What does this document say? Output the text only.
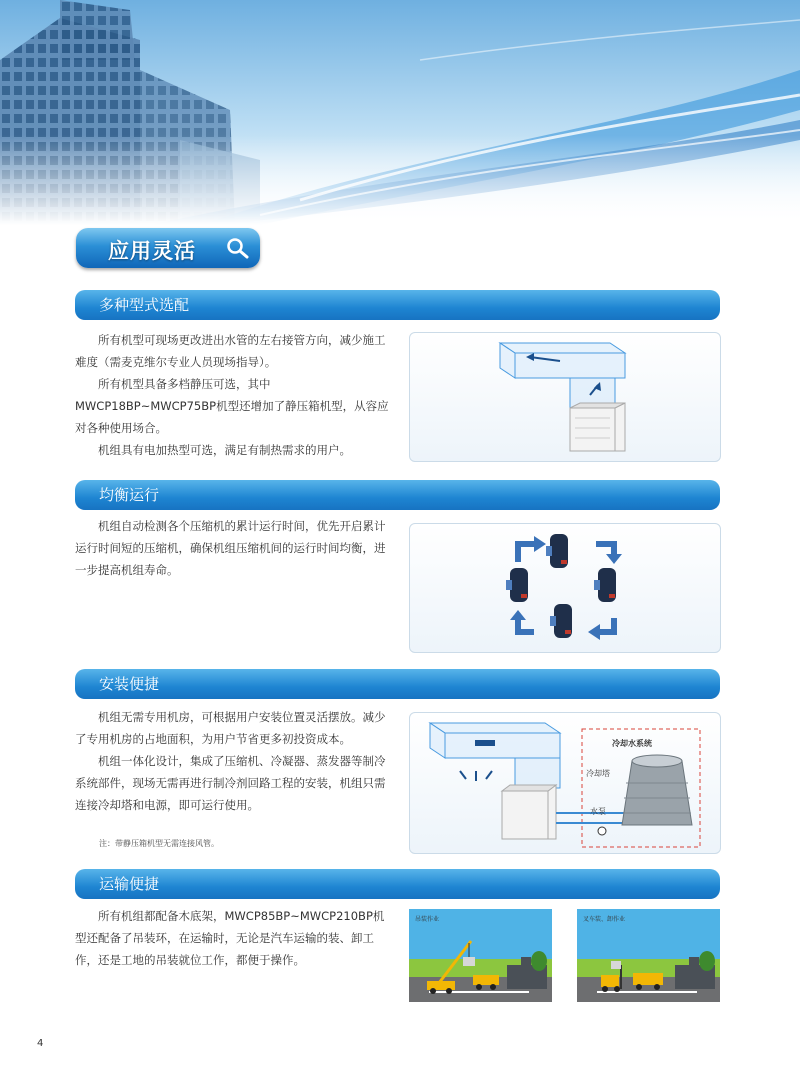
应用灵活
多种型式选配

所有机型可现场更改进出水管的左右接管方向，减少施工难度（需麦克维尔专业人员现场指导）。

所有机型具备多档静压可选，其中MWCP18BP~MWCP75BP机型还增加了静压箱机型，从容应对各种使用场合。

机组具有电加热型可选，满足有制热需求的用户。

均衡运行

机组自动检测各个压缩机的累计运行时间，优先开启累计运行时间短的压缩机，确保机组压缩机间的运行时间均衡，进一步提高机组寿命。

安装便捷

机组无需专用机房，可根据用户安装位置灵活摆放。减少了专用机房的占地面积，为用户节省更多初投资成本。

机组一体化设计，集成了压缩机、冷凝器、蒸发器等制冷系统部件，现场无需再进行制冷剂回路工程的安装，机组只需连接冷却塔和电源，即可运行使用。

注：带静压箱机型无需连接风管。
冷却水系统
冷却塔
水泵
运输便捷

所有机组都配备木底架，MWCP85BP~MWCP210BP机型还配备了吊装环，在运输时，无论是汽车运输的装、卸工作，还是工地的吊装就位工作，都便于操作。

吊装作业	叉车装、卸作业
4
